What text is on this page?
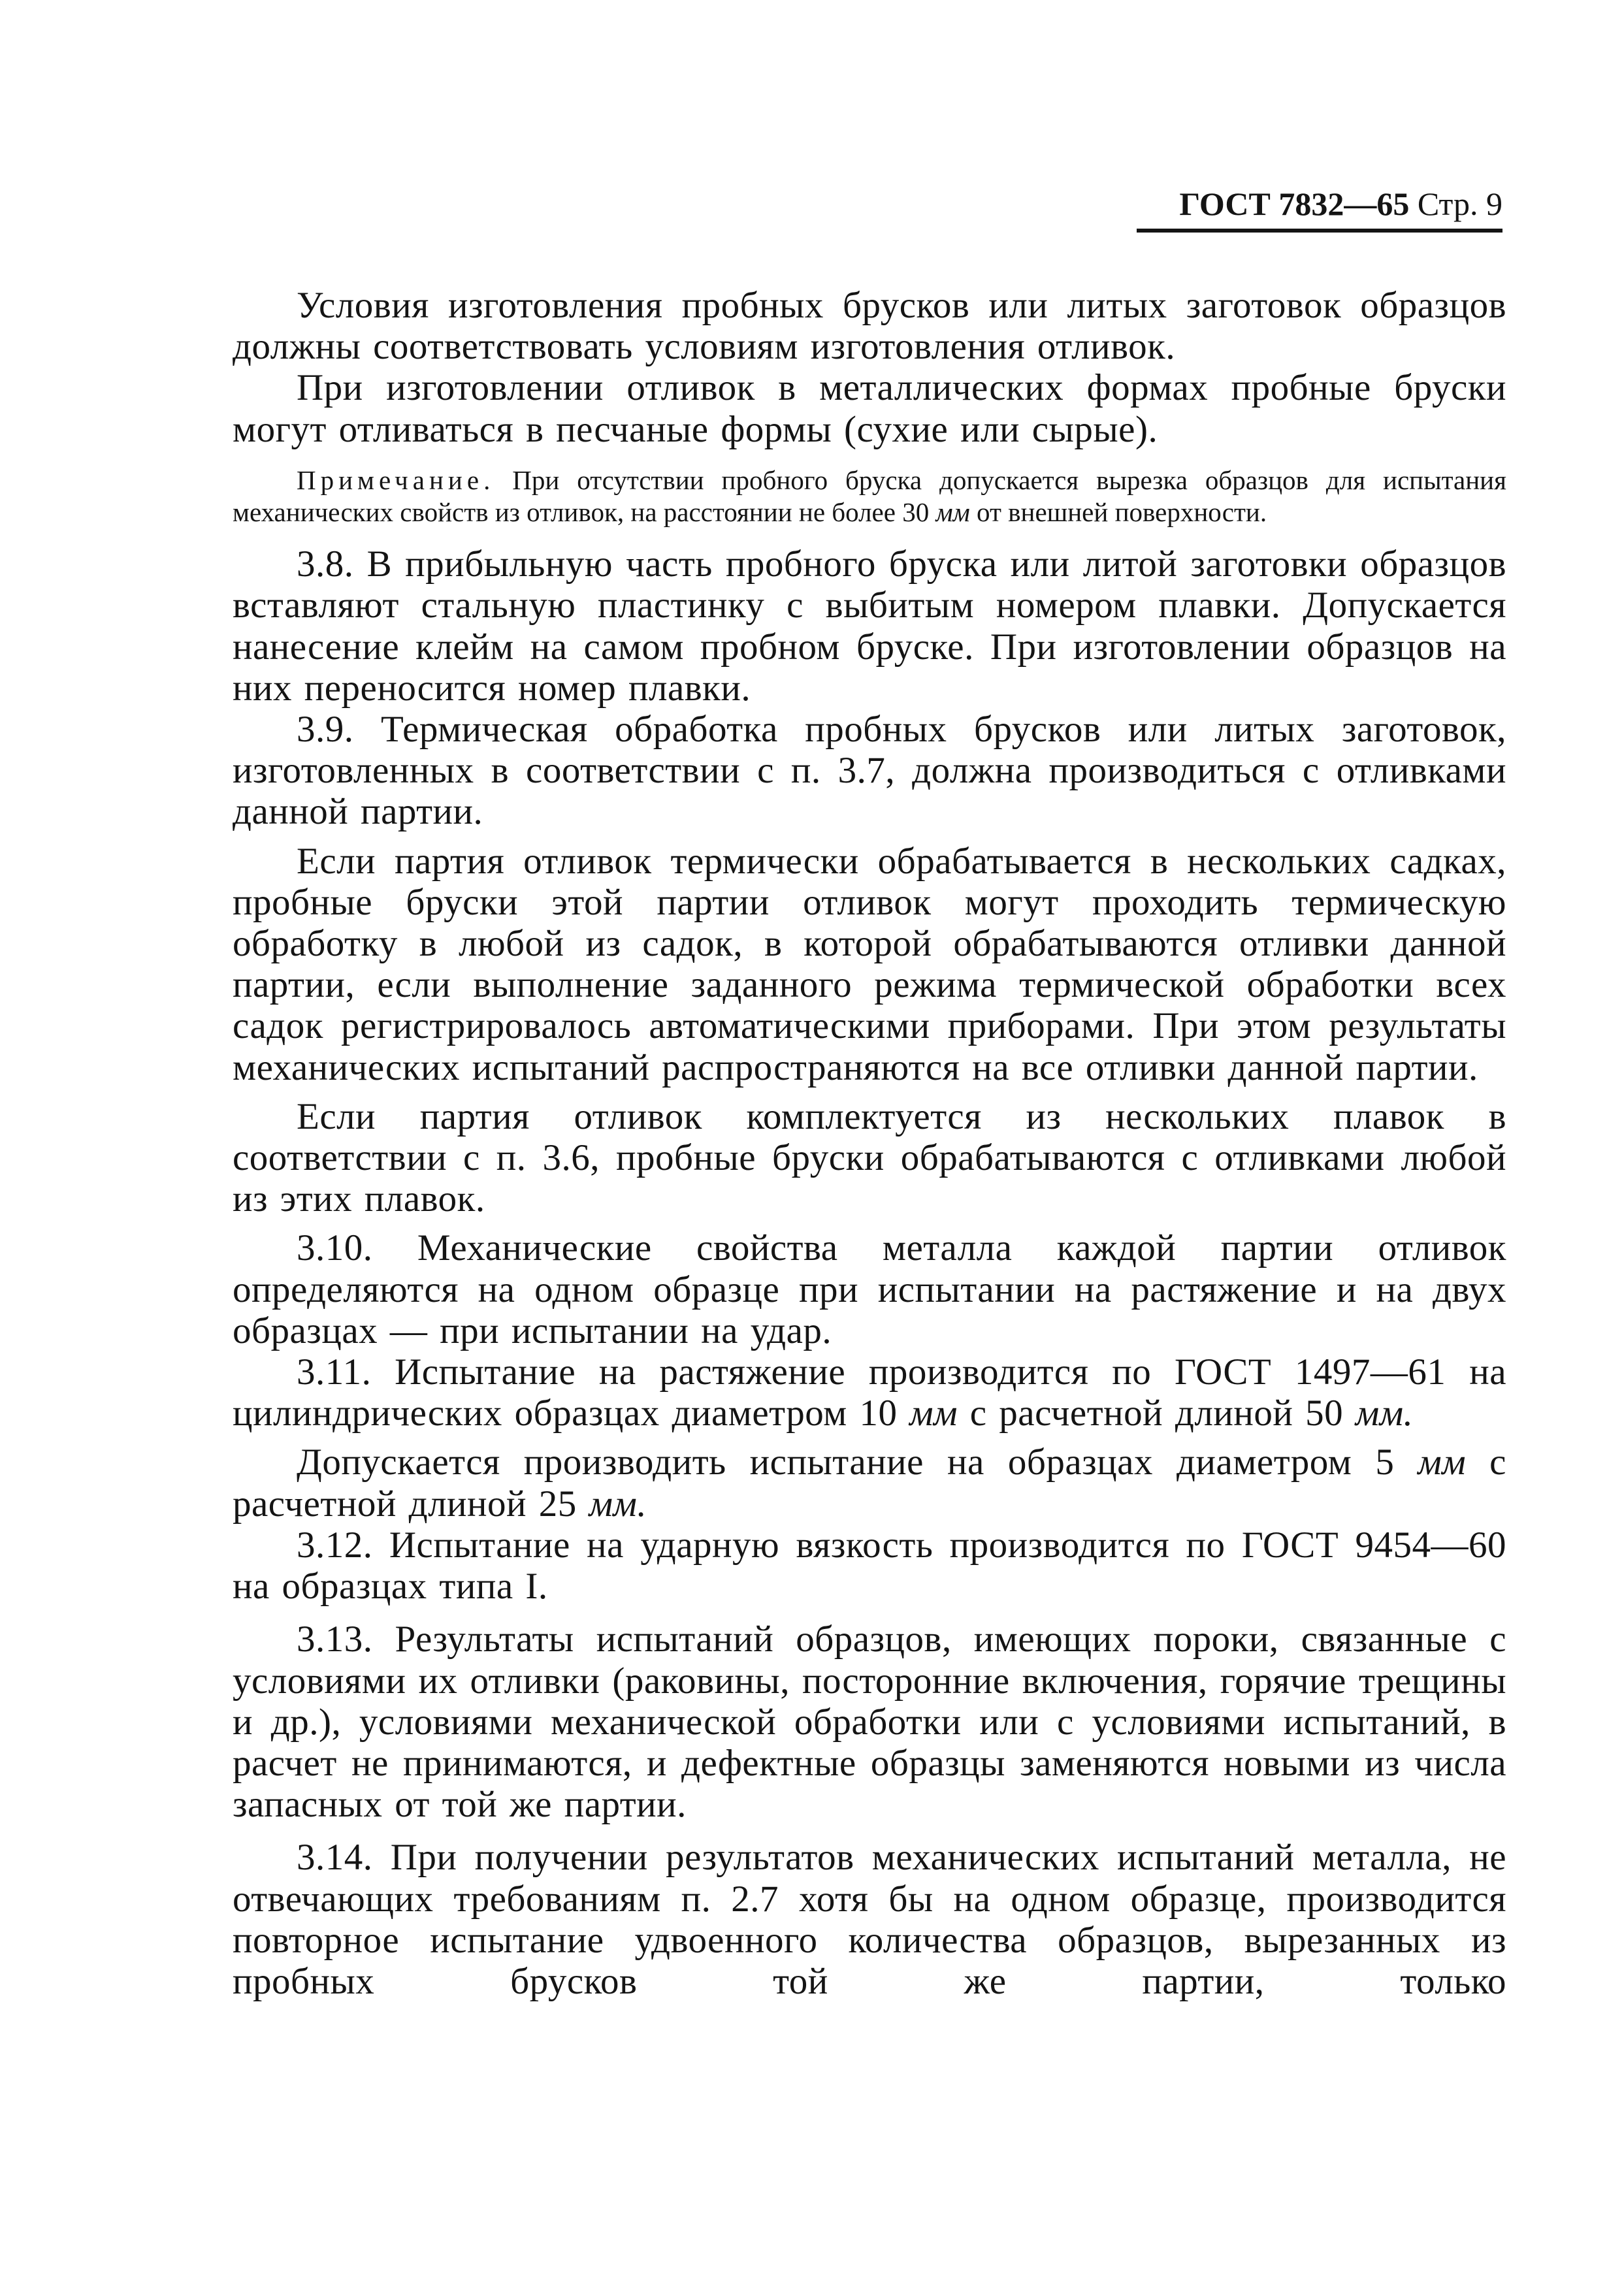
ГОСТ 7832—65 Стр. 9

Условия изготовления пробных брусков или литых заготовок образцов должны соответствовать условиям изготовления отливок.

При изготовлении отливок в металлических формах пробные бруски могут отливаться в песчаные формы (сухие или сырые).

Примечание. При отсутствии пробного бруска допускается вырезка образцов для испытания механических свойств из отливок, на расстоянии не более 30 мм от внешней поверхности.

3.8. В прибыльную часть пробного бруска или литой заготовки образцов вставляют стальную пластинку с выбитым номером плавки. Допускается нанесение клейм на самом пробном бруске. При изготовлении образцов на них переносится номер плавки.

3.9. Термическая обработка пробных брусков или литых заготовок, изготовленных в соответствии с п. 3.7, должна производиться с отливками данной партии.

Если партия отливок термически обрабатывается в нескольких садках, пробные бруски этой партии отливок могут проходить термическую обработку в любой из садок, в которой обрабатываются отливки данной партии, если выполнение заданного режима термической обработки всех садок регистрировалось автоматическими приборами. При этом результаты механических испытаний распространяются на все отливки данной партии.

Если партия отливок комплектуется из нескольких плавок в соответствии с п. 3.6, пробные бруски обрабатываются с отливками любой из этих плавок.

3.10. Механические свойства металла каждой партии отливок определяются на одном образце при испытании на растяжение и на двух образцах — при испытании на удар.

3.11. Испытание на растяжение производится по ГОСТ 1497—61 на цилиндрических образцах диаметром 10 мм с расчетной длиной 50 мм.

Допускается производить испытание на образцах диаметром 5 мм с расчетной длиной 25 мм.

3.12. Испытание на ударную вязкость производится по ГОСТ 9454—60 на образцах типа I.

3.13. Результаты испытаний образцов, имеющих пороки, связанные с условиями их отливки (раковины, посторонние включения, горячие трещины и др.), условиями механической обработки или с условиями испытаний, в расчет не принимаются, и дефектные образцы заменяются новыми из числа запасных от той же партии.

3.14. При получении результатов механических испытаний металла, не отвечающих требованиям п. 2.7 хотя бы на одном образце, производится повторное испытание удвоенного количества образцов, вырезанных из пробных брусков той же партии, только
